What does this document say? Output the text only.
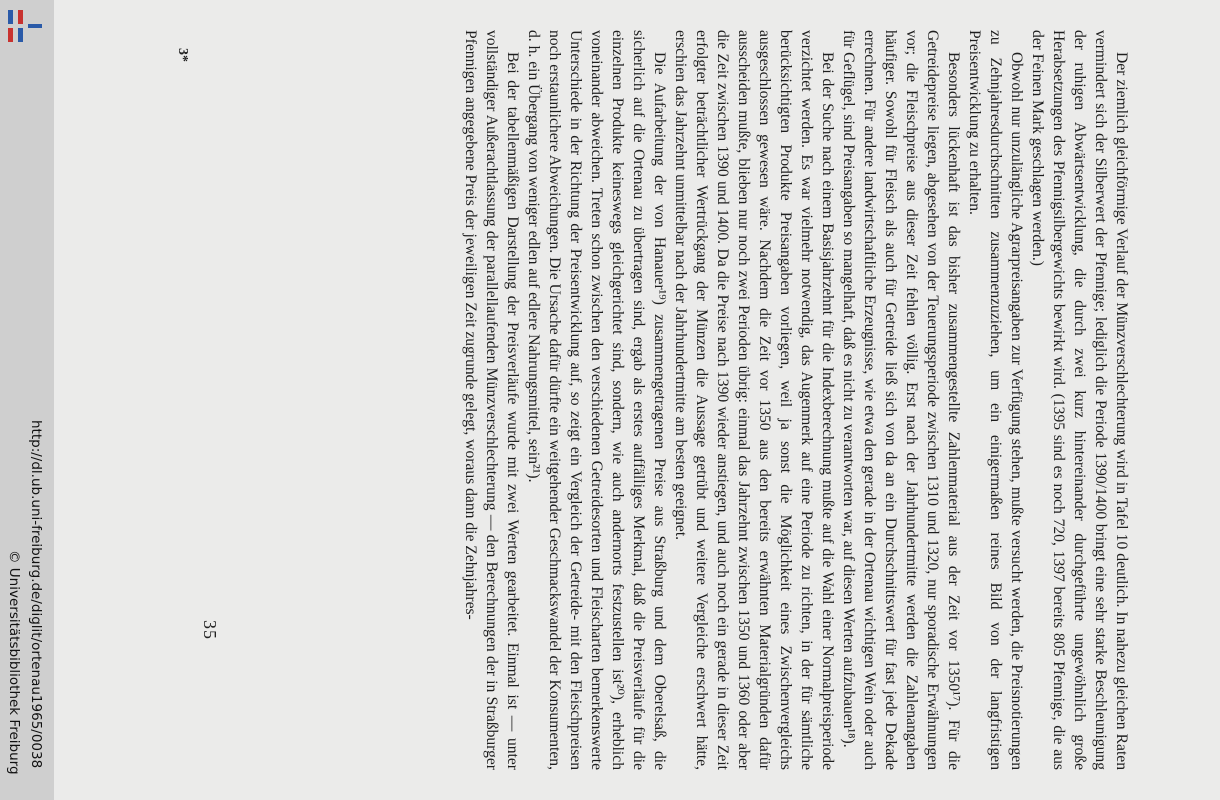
http://dl.ub.uni-freiburg.de/diglit/ortenau1965/0038
© Universitätsbibliothek Freiburg	35	Der ziemlich gleichförmige Verlauf der Münzverschlechterung wird in Tafel 10 deutlich. In nahezu gleichen Raten vermindert sich der Silberwert der Pfennige; lediglich die Periode 1390/1400 bringt eine sehr starke Beschleunigung der ruhigen Abwärtsentwicklung, die durch zwei kurz hintereinander durchgeführte ungewöhnlich große Herabsetzungen des Pfennigsilbergewichts bewirkt wird. (1395 sind es noch 720, 1397 bereits 805 Pfennige, die aus der Feinen Mark geschlagen werden.)

Obwohl nur unzulängliche Agrarpreisangaben zur Verfügung stehen, mußte versucht werden, die Preisnotierungen zu Zehnjahresdurchschnitten zusammenzuziehen, um ein einigermaßen reines Bild von der langfristigen Preisentwicklung zu erhalten.

Besonders lückenhaft ist das bisher zusammengestellte Zahlenmaterial aus der Zeit vor 1350¹⁷). Für die Getreidepreise liegen, abgesehen von der Teuerungsperiode zwischen 1310 und 1320, nur sporadische Erwähnungen vor; die Fleischpreise aus dieser Zeit fehlen völlig. Erst nach der Jahrhundertmitte werden die Zahlenangaben häufiger. Sowohl für Fleisch als auch für Getreide ließ sich von da an ein Durchschnittswert für fast jede Dekade errechnen. Für andere landwirtschaftliche Erzeugnisse, wie etwa den gerade in der Ortenau wichtigen Wein oder auch für Geflügel, sind Preisangaben so mangelhaft, daß es nicht zu verantworten war, auf diesen Werten aufzubauen¹⁸).

Bei der Suche nach einem Basisjahrzehnt für die Indexberechnung mußte auf die Wahl einer Normalpreisperiode verzichtet werden. Es war vielmehr notwendig, das Augenmerk auf eine Periode zu richten, in der für sämtliche berücksichtigten Produkte Preisangaben vorliegen, weil ja sonst die Möglichkeit eines Zwischenvergleichs ausgeschlossen gewesen wäre. Nachdem die Zeit vor 1350 aus den bereits erwähnten Materialgründen dafür ausscheiden mußte, blieben nur noch zwei Perioden übrig: einmal das Jahrzehnt zwischen 1350 und 1360 oder aber die Zeit zwischen 1390 und 1400. Da die Preise nach 1390 wieder anstiegen, und auch noch ein gerade in dieser Zeit erfolgter beträchtlicher Wertrückgang der Münzen die Aussage getrübt und weitere Vergleiche erschwert hätte, erschien das Jahrzehnt unmittelbar nach der Jahrhundertmitte am besten geeignet.

Die Aufarbeitung der von Hanauer¹⁹) zusammengetragenen Preise aus Straßburg und dem Oberelsaß, die sicherlich auf die Ortenau zu übertragen sind, ergab als erstes auffälliges Merkmal, daß die Preisverläufe für die einzelnen Produkte keineswegs gleichgerichtet sind, sondern, wie auch andernorts festzustellen ist²⁰), erheblich voneinander abweichen. Treten schon zwischen den verschiedenen Getreidesorten und Fleischarten bemerkenswerte Unterschiede in der Richtung der Preisentwicklung auf, so zeigt ein Vergleich der Getreide- mit den Fleischpreisen noch erstaunlichere Abweichungen. Die Ursache dafür dürfte ein weitgehender Geschmackswandel der Konsumenten, d. h. ein Übergang von weniger edlen auf edlere Nahrungsmittel, sein²¹).

Bei der tabellenmäßigen Darstellung der Preisverläufe wurde mit zwei Werten gearbeitet. Einmal ist — unter vollständiger Außerachtlassung der parallellaufenden Münzverschlechterung — den Berechnungen der in Straßburger Pfennigen angegebene Preis der jeweiligen Zeit zugrunde gelegt, woraus dann die Zehnjahres-

3*
